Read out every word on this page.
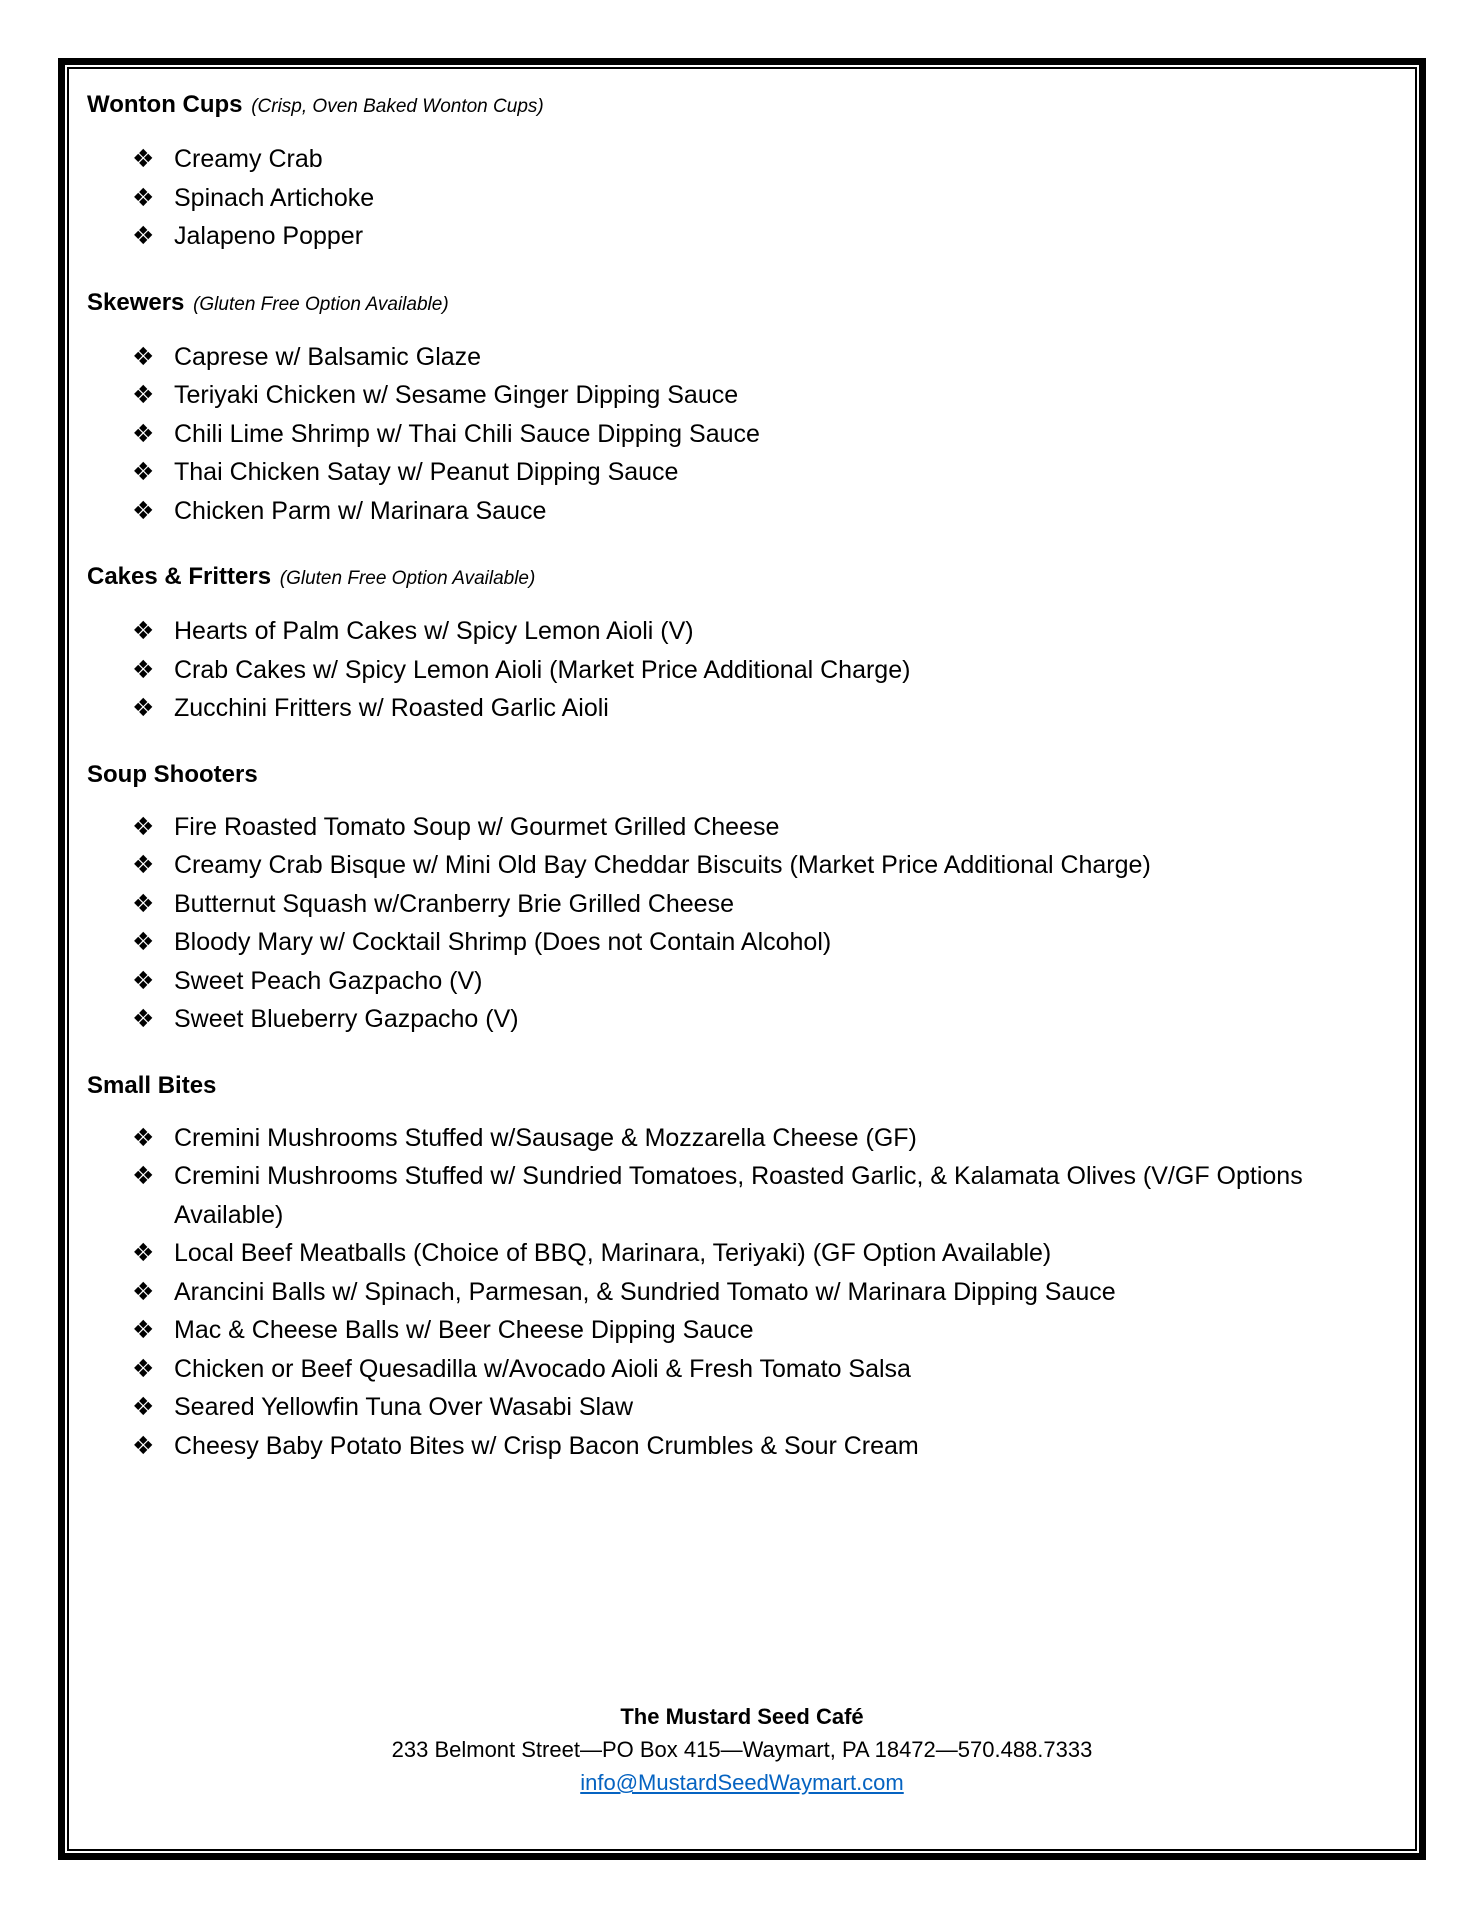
Wonton Cups (Crisp, Oven Baked Wonton Cups)
❖ Creamy Crab
❖ Spinach Artichoke
❖ Jalapeno Popper
Skewers (Gluten Free Option Available)
❖ Caprese w/ Balsamic Glaze
❖ Teriyaki Chicken w/ Sesame Ginger Dipping Sauce
❖ Chili Lime Shrimp w/ Thai Chili Sauce Dipping Sauce
❖ Thai Chicken Satay w/ Peanut Dipping Sauce
❖ Chicken Parm w/ Marinara Sauce
Cakes & Fritters (Gluten Free Option Available)
❖ Hearts of Palm Cakes w/ Spicy Lemon Aioli (V)
❖ Crab Cakes w/ Spicy Lemon Aioli (Market Price Additional Charge)
❖ Zucchini Fritters w/ Roasted Garlic Aioli
Soup Shooters
❖ Fire Roasted Tomato Soup w/ Gourmet Grilled Cheese
❖ Creamy Crab Bisque w/ Mini Old Bay Cheddar Biscuits (Market Price Additional Charge)
❖ Butternut Squash w/Cranberry Brie Grilled Cheese
❖ Bloody Mary w/ Cocktail Shrimp (Does not Contain Alcohol)
❖ Sweet Peach Gazpacho (V)
❖ Sweet Blueberry Gazpacho (V)
Small Bites
❖ Cremini Mushrooms Stuffed w/Sausage & Mozzarella Cheese (GF)
❖ Cremini Mushrooms Stuffed w/ Sundried Tomatoes, Roasted Garlic, & Kalamata Olives (V/GF Options Available)
❖ Local Beef Meatballs (Choice of BBQ, Marinara, Teriyaki) (GF Option Available)
❖ Arancini Balls w/ Spinach, Parmesan, & Sundried Tomato w/ Marinara Dipping Sauce
❖ Mac & Cheese Balls w/ Beer Cheese Dipping Sauce
❖ Chicken or Beef Quesadilla w/Avocado Aioli & Fresh Tomato Salsa
❖ Seared Yellowfin Tuna Over Wasabi Slaw
❖ Cheesy Baby Potato Bites w/ Crisp Bacon Crumbles & Sour Cream
The Mustard Seed Café
233 Belmont Street—PO Box 415—Waymart, PA 18472—570.488.7333
info@MustardSeedWaymart.com
